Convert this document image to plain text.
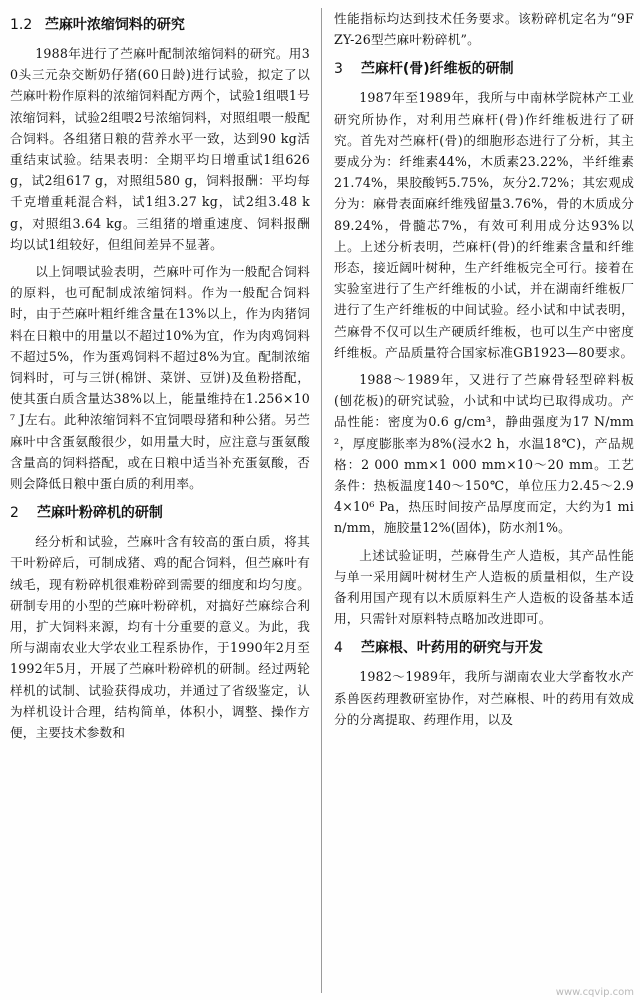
1.2 苎麻叶浓缩饲料的研究

1988年进行了苎麻叶配制浓缩饲料的研究。用30头三元杂交断奶仔猪(60日龄)进行试验，拟定了以苎麻叶粉作原料的浓缩饲料配方两个，试验1组喂1号浓缩饲料，试验2组喂2号浓缩饲料，对照组喂一般配合饲料。各组猪日粮的营养水平一致，达到90 kg活重结束试验。结果表明：全期平均日增重试1组626 g，试2组617 g，对照组580 g，饲料报酬：平均每千克增重耗混合料，试1组3.27 kg，试2组3.48 kg，对照组3.64 kg。三组猪的增重速度、饲料报酬均以试1组较好，但组间差异不显著。

以上饲喂试验表明，苎麻叶可作为一般配合饲料的原料，也可配制成浓缩饲料。作为一般配合饲料时，由于苎麻叶粗纤维含量在13%以上，作为肉猪饲料在日粮中的用量以不超过10%为宜，作为肉鸡饲料不超过5%，作为蛋鸡饲料不超过8%为宜。配制浓缩饲料时，可与三饼(棉饼、菜饼、豆饼)及鱼粉搭配，使其蛋白质含量达38%以上，能量维持在1.256×10⁷ J左右。此种浓缩饲料不宜饲喂母猪和种公猪。另苎麻叶中含蛋氨酸很少，如用量大时，应注意与蛋氨酸含量高的饲料搭配，或在日粮中适当补充蛋氨酸，否则会降低日粮中蛋白质的利用率。

2 苎麻叶粉碎机的研制

经分析和试验，苎麻叶含有较高的蛋白质，将其干叶粉碎后，可制成猪、鸡的配合饲料，但苎麻叶有绒毛，现有粉碎机很难粉碎到需要的细度和均匀度。研制专用的小型的苎麻叶粉碎机，对搞好苎麻综合利用，扩大饲料来源，均有十分重要的意义。为此，我所与湖南农业大学农业工程系协作，于1990年2月至1992年5月，开展了苎麻叶粉碎机的研制。经过两轮样机的试制、试验获得成功，并通过了省级鉴定，认为样机设计合理，结构简单，体积小，调整、操作方便，主要技术参数和

性能指标均达到技术任务要求。该粉碎机定名为“9FZY-26型苎麻叶粉碎机”。

3 苎麻杆(骨)纤维板的研制

1987年至1989年，我所与中南林学院林产工业研究所协作，对利用苎麻杆(骨)作纤维板进行了研究。首先对苎麻杆(骨)的细胞形态进行了分析，其主要成分为：纤维素44%，木质素23.22%，半纤维素21.74%，果胶酸钙5.75%，灰分2.72%；其宏观成分为：麻骨表面麻纤维残留量3.76%，骨的木质成分89.24%，骨髓芯7%，有效可利用成分达93%以上。上述分析表明，苎麻杆(骨)的纤维素含量和纤维形态，接近阔叶树种，生产纤维板完全可行。接着在实验室进行了生产纤维板的小试，并在湖南纤维板厂进行了生产纤维板的中间试验。经小试和中试表明，苎麻骨不仅可以生产硬质纤维板，也可以生产中密度纤维板。产品质量符合国家标准GB1923—80要求。

1988～1989年，又进行了苎麻骨轻型碎料板(刨花板)的研究试验，小试和中试均已取得成功。产品性能：密度为0.6 g/cm³，静曲强度为17 N/mm²，厚度膨胀率为8%(浸水2 h，水温18℃)，产品规格：2 000 mm×1 000 mm×10～20 mm。工艺条件：热板温度140～150℃，单位压力2.45～2.94×10⁶ Pa，热压时间按产品厚度而定，大约为1 min/mm，施胶量12%(固体)，防水剂1%。

上述试验证明，苎麻骨生产人造板，其产品性能与单一采用阔叶树材生产人造板的质量相似，生产设备利用国产现有以木质原料生产人造板的设备基本适用，只需针对原料特点略加改进即可。

4 苎麻根、叶药用的研究与开发

1982～1989年，我所与湖南农业大学畜牧水产系兽医药理教研室协作，对苎麻根、叶的药用有效成分的分离提取、药理作用，以及

www.cqvip.com
